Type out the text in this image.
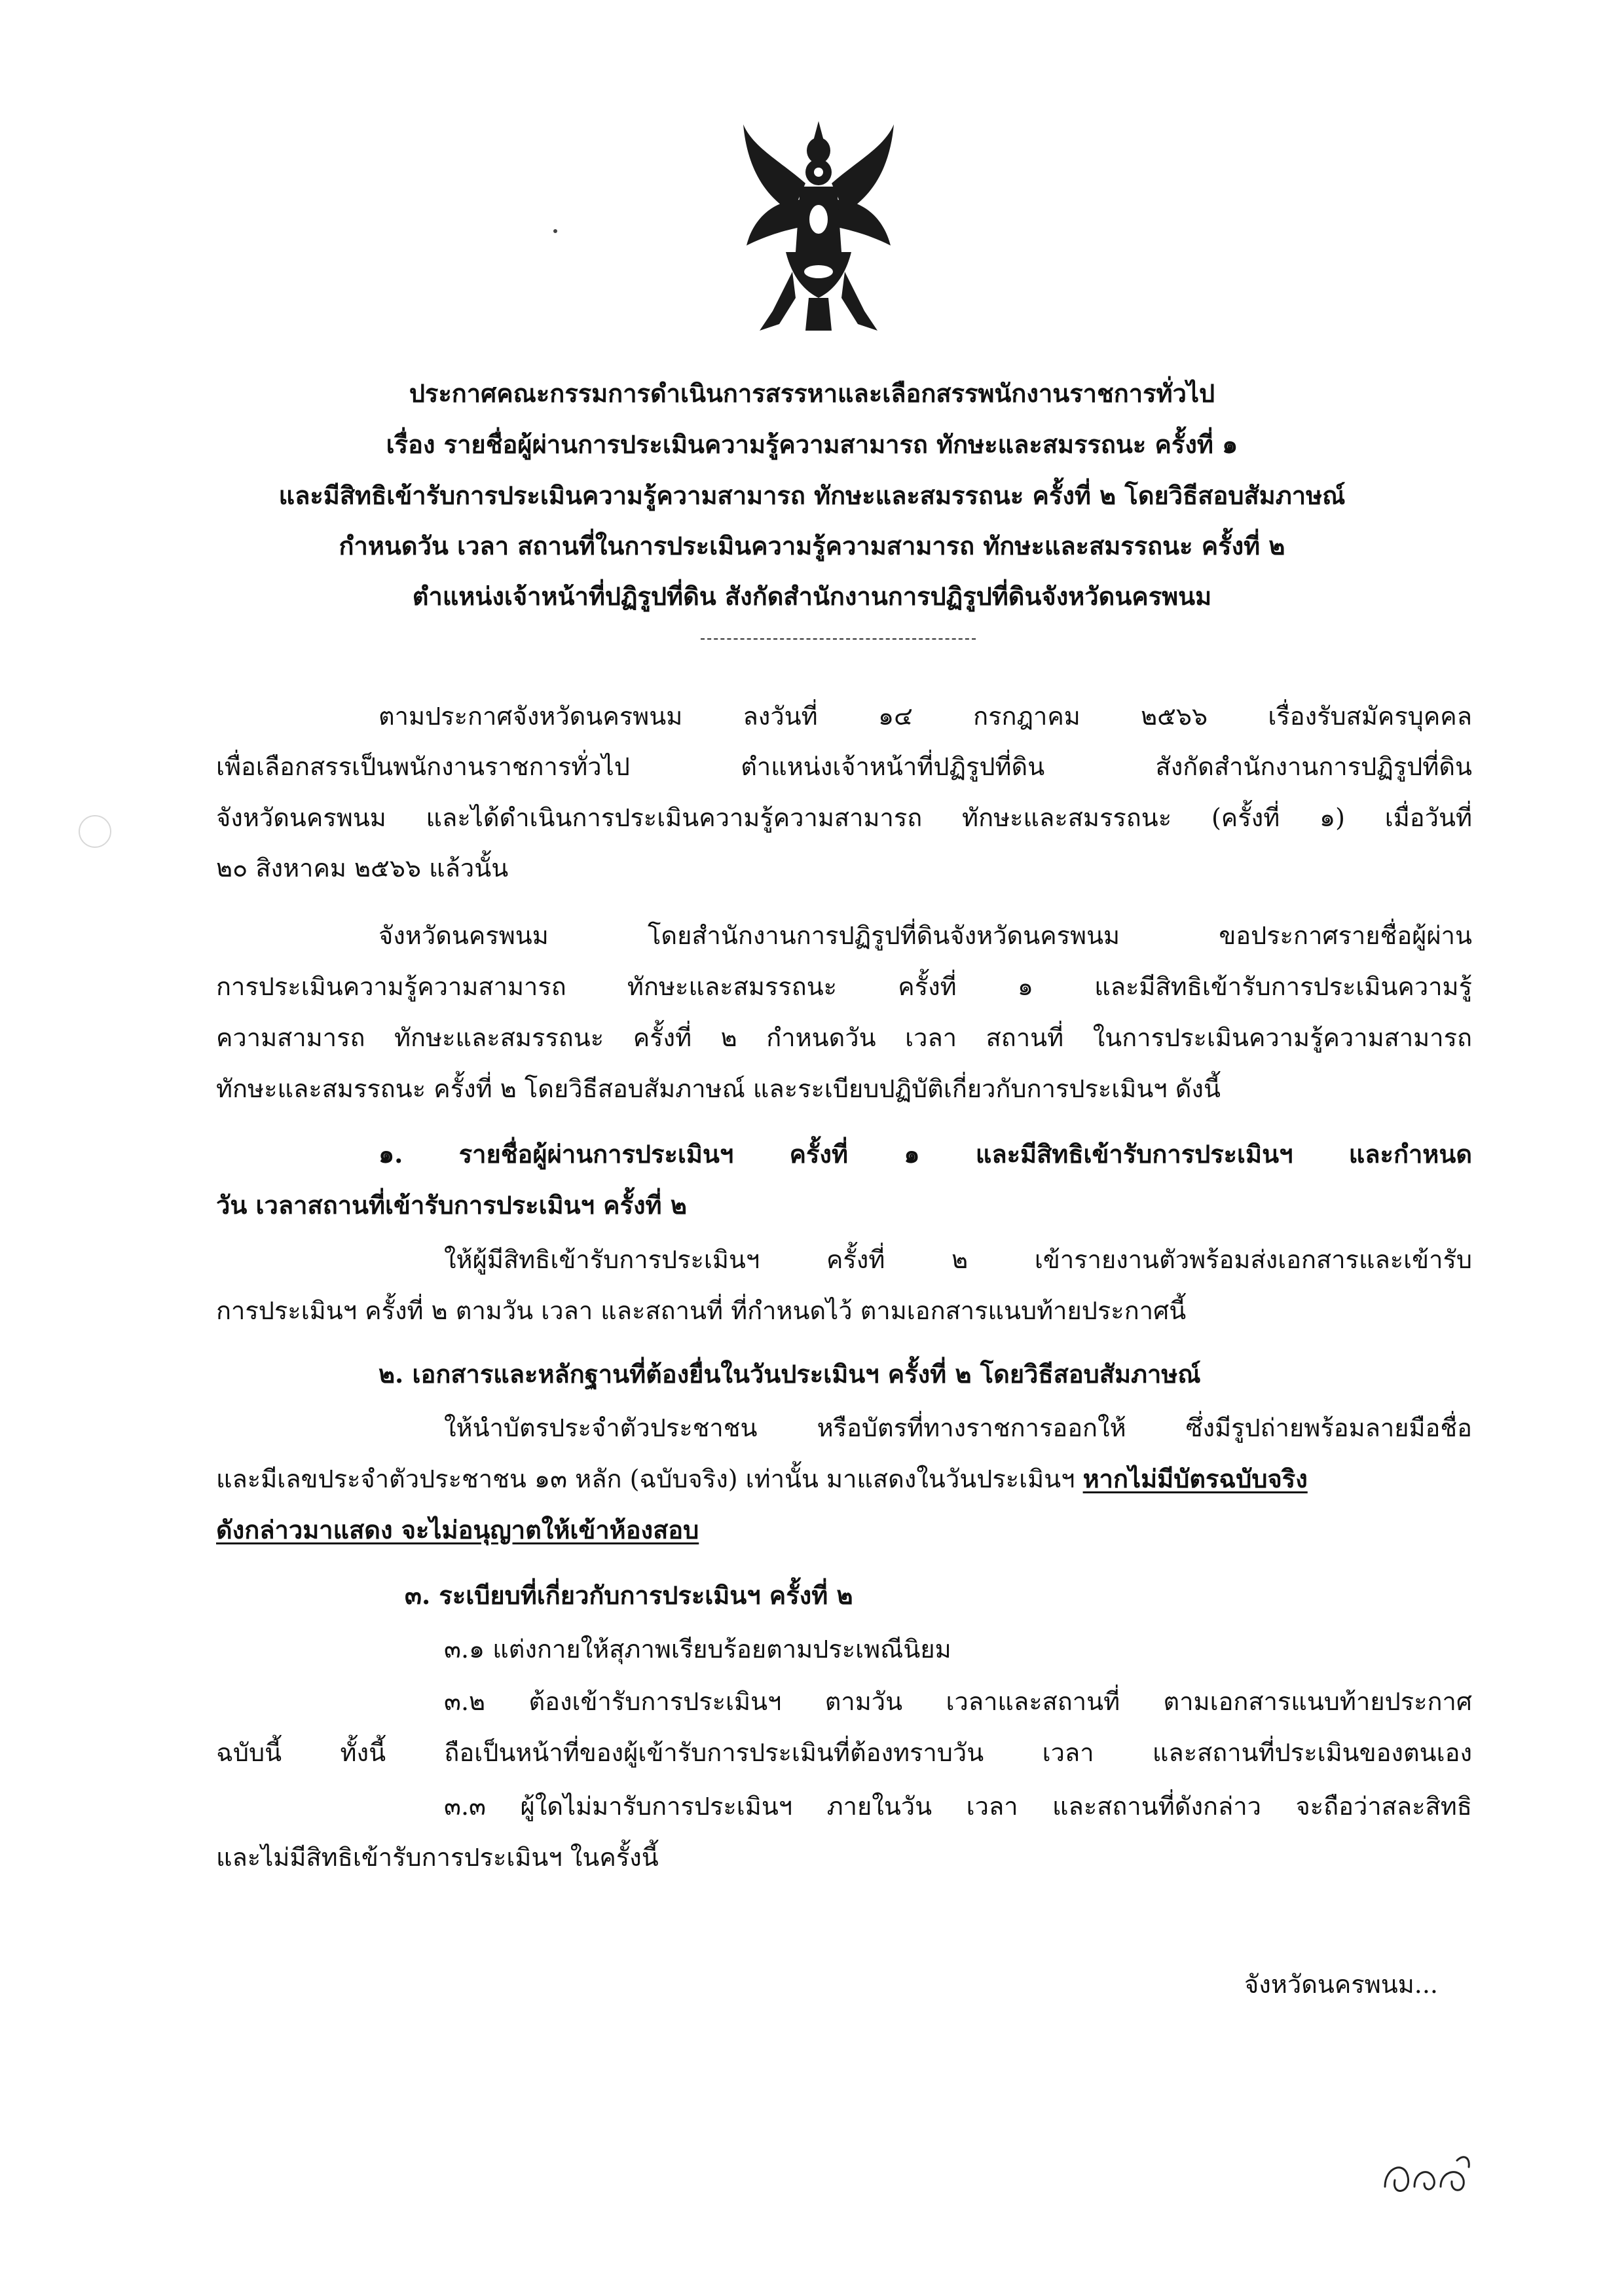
ประกาศคณะกรรมการดำเนินการสรรหาและเลือกสรรพนักงานราชการทั่วไป
เรื่อง รายชื่อผู้ผ่านการประเมินความรู้ความสามารถ ทักษะและสมรรถนะ ครั้งที่ ๑
และมีสิทธิเข้ารับการประเมินความรู้ความสามารถ ทักษะและสมรรถนะ ครั้งที่ ๒ โดยวิธีสอบสัมภาษณ์
กำหนดวัน เวลา สถานที่ในการประเมินความรู้ความสามารถ ทักษะและสมรรถนะ ครั้งที่ ๒
ตำแหน่งเจ้าหน้าที่ปฏิรูปที่ดิน สังกัดสำนักงานการปฏิรูปที่ดินจังหวัดนครพนม
ตามประกาศจังหวัดนครพนม ลงวันที่ ๑๔ กรกฎาคม ๒๕๖๖ เรื่องรับสมัครบุคคล
เพื่อเลือกสรรเป็นพนักงานราชการทั่วไป ตำแหน่งเจ้าหน้าที่ปฏิรูปที่ดิน สังกัดสำนักงานการปฏิรูปที่ดิน
จังหวัดนครพนม และได้ดำเนินการประเมินความรู้ความสามารถ ทักษะและสมรรถนะ (ครั้งที่ ๑) เมื่อวันที่
๒๐ สิงหาคม ๒๕๖๖ แล้วนั้น
จังหวัดนครพนม โดยสำนักงานการปฏิรูปที่ดินจังหวัดนครพนม ขอประกาศรายชื่อผู้ผ่าน
การประเมินความรู้ความสามารถ ทักษะและสมรรถนะ ครั้งที่ ๑ และมีสิทธิเข้ารับการประเมินความรู้
ความสามารถ ทักษะและสมรรถนะ ครั้งที่ ๒ กำหนดวัน เวลา สถานที่ ในการประเมินความรู้ความสามารถ
ทักษะและสมรรถนะ ครั้งที่ ๒ โดยวิธีสอบสัมภาษณ์ และระเบียบปฏิบัติเกี่ยวกับการประเมินฯ ดังนี้
๑. รายชื่อผู้ผ่านการประเมินฯ ครั้งที่ ๑ และมีสิทธิเข้ารับการประเมินฯ และกำหนด
วัน เวลาสถานที่เข้ารับการประเมินฯ ครั้งที่ ๒
ให้ผู้มีสิทธิเข้ารับการประเมินฯ ครั้งที่ ๒ เข้ารายงานตัวพร้อมส่งเอกสารและเข้ารับ
การประเมินฯ ครั้งที่ ๒ ตามวัน เวลา และสถานที่ ที่กำหนดไว้ ตามเอกสารแนบท้ายประกาศนี้
๒. เอกสารและหลักฐานที่ต้องยื่นในวันประเมินฯ ครั้งที่ ๒ โดยวิธีสอบสัมภาษณ์
ให้นำบัตรประจำตัวประชาชน หรือบัตรที่ทางราชการออกให้ ซึ่งมีรูปถ่ายพร้อมลายมือชื่อ
และมีเลขประจำตัวประชาชน ๑๓ หลัก (ฉบับจริง) เท่านั้น มาแสดงในวันประเมินฯ หากไม่มีบัตรฉบับจริง
ดังกล่าวมาแสดง จะไม่อนุญาตให้เข้าห้องสอบ
๓. ระเบียบที่เกี่ยวกับการประเมินฯ ครั้งที่ ๒
๓.๑ แต่งกายให้สุภาพเรียบร้อยตามประเพณีนิยม
๓.๒ ต้องเข้ารับการประเมินฯ ตามวัน เวลาและสถานที่ ตามเอกสารแนบท้ายประกาศ
ฉบับนี้ ทั้งนี้ ถือเป็นหน้าที่ของผู้เข้ารับการประเมินที่ต้องทราบวัน เวลา และสถานที่ประเมินของตนเอง
๓.๓ ผู้ใดไม่มารับการประเมินฯ ภายในวัน เวลา และสถานที่ดังกล่าว จะถือว่าสละสิทธิ
และไม่มีสิทธิเข้ารับการประเมินฯ ในครั้งนี้
จังหวัดนครพนม...
